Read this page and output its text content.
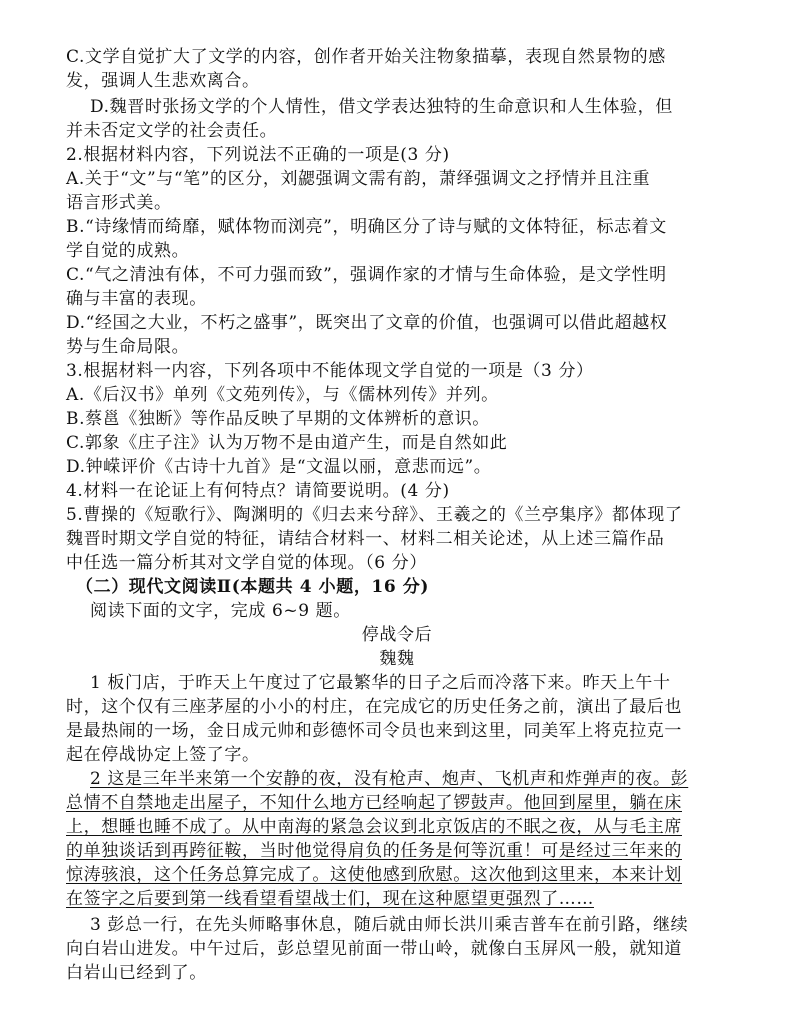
C.文学自觉扩大了文学的内容，创作者开始关注物象描摹，表现自然景物的感
发，强调人生悲欢离合。
D.魏晋时张扬文学的个人情性，借文学表达独特的生命意识和人生体验，但
并未否定文学的社会责任。
2.根据材料内容，下列说法不正确的一项是(3 分)
A.关于“文”与“笔”的区分，刘勰强调文需有韵，萧绎强调文之抒情并且注重
语言形式美。
B.“诗缘情而绮靡，赋体物而浏亮”，明确区分了诗与赋的文体特征，标志着文
学自觉的成熟。
C.“气之清浊有体，不可力强而致”，强调作家的才情与生命体验，是文学性明
确与丰富的表现。
D.“经国之大业，不朽之盛事”，既突出了文章的价值，也强调可以借此超越权
势与生命局限。
3.根据材料一内容，下列各项中不能体现文学自觉的一项是（3 分）
A.《后汉书》单列《文苑列传》，与《儒林列传》并列。
B.蔡邕《独断》等作品反映了早期的文体辨析的意识。
C.郭象《庄子注》认为万物不是由道产生，而是自然如此
D.钟嵘评价《古诗十九首》是“文温以丽，意悲而远”。
4.材料一在论证上有何特点？请简要说明。(4 分)
5.曹操的《短歌行》、陶渊明的《归去来兮辞》、王羲之的《兰亭集序》都体现了
魏晋时期文学自觉的特征，请结合材料一、材料二相关论述，从上述三篇作品
中任选一篇分析其对文学自觉的体现。（6 分）
（二）现代文阅读Ⅱ(本题共 4 小题，16 分)
阅读下面的文字，完成 6~9 题。
停战令后
魏魏
1 板门店，于昨天上午度过了它最繁华的日子之后而冷落下来。昨天上午十
时，这个仅有三座茅屋的小小的村庄，在完成它的历史任务之前，演出了最后也
是最热闹的一场，金日成元帅和彭德怀司令员也来到这里，同美军上将克拉克一
起在停战协定上签了字。
2 这是三年半来第一个安静的夜，没有枪声、炮声、飞机声和炸弹声的夜。彭
总情不自禁地走出屋子，不知什么地方已经响起了锣鼓声。他回到屋里，躺在床
上，想睡也睡不成了。从中南海的紧急会议到北京饭店的不眠之夜，从与毛主席
的单独谈话到再跨征鞍，当时他觉得肩负的任务是何等沉重！可是经过三年来的
惊涛骇浪，这个任务总算完成了。这使他感到欣慰。这次他到这里来，本来计划
在签字之后要到第一线看望看望战士们，现在这种愿望更强烈了……
3 彭总一行，在先头师略事休息，随后就由师长洪川乘吉普车在前引路，继续
向白岩山进发。中午过后，彭总望见前面一带山岭，就像白玉屏风一般，就知道
白岩山已经到了。
